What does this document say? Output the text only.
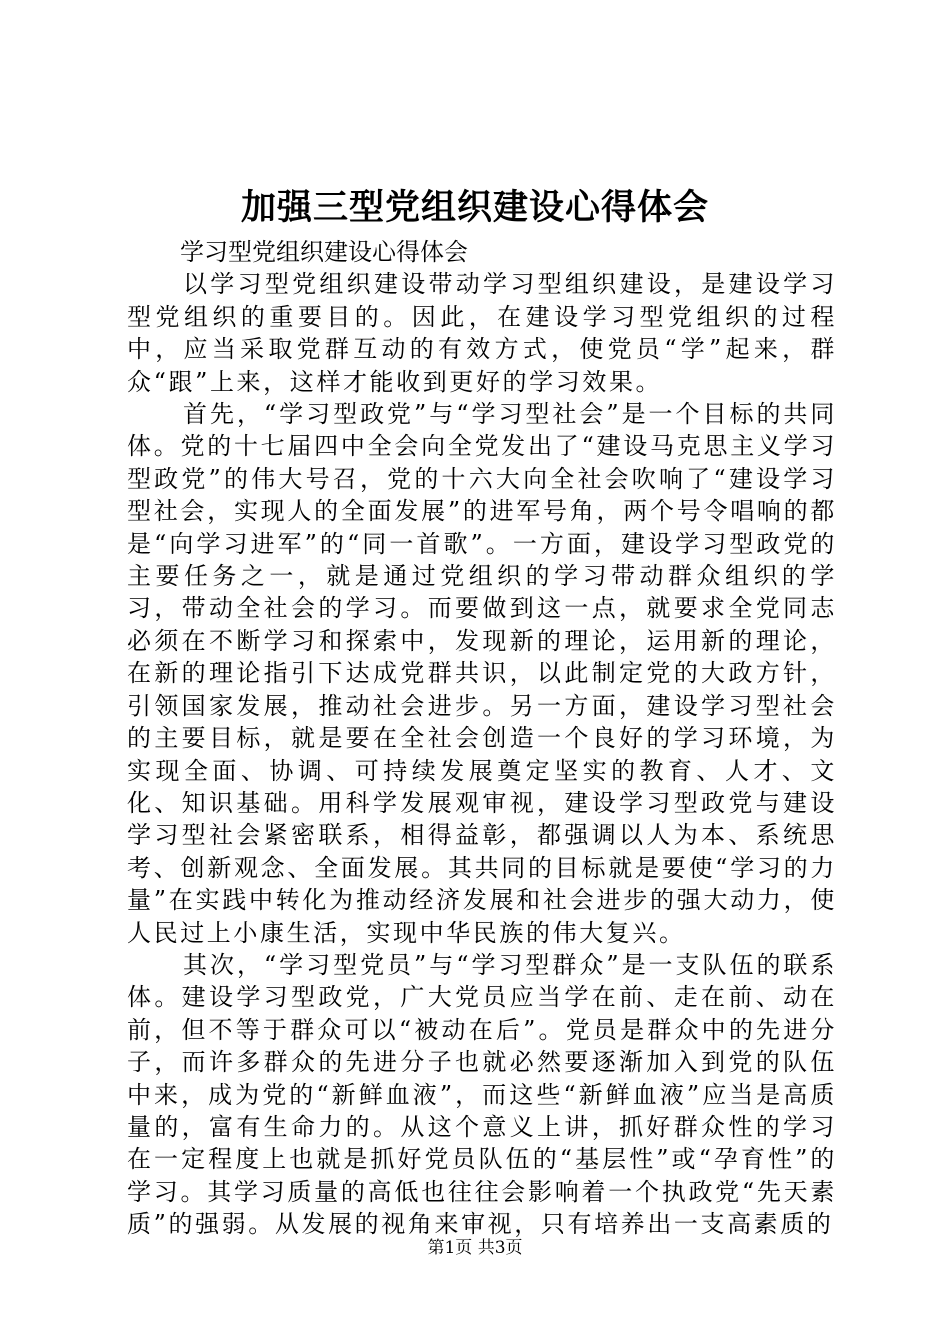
加强三型党组织建设心得体会

学习型党组织建设心得体会

以学习型党组织建设带动学习型组织建设，是建设学习型党组织的重要目的。因此，在建设学习型党组织的过程中，应当采取党群互动的有效方式，使党员“学”起来，群众“跟”上来，这样才能收到更好的学习效果。

首先，“学习型政党”与“学习型社会”是一个目标的共同体。党的十七届四中全会向全党发出了“建设马克思主义学习型政党”的伟大号召，党的十六大向全社会吹响了“建设学习型社会，实现人的全面发展”的进军号角，两个号令唱响的都是“向学习进军”的“同一首歌”。一方面，建设学习型政党的主要任务之一，就是通过党组织的学习带动群众组织的学习，带动全社会的学习。而要做到这一点，就要求全党同志必须在不断学习和探索中，发现新的理论，运用新的理论，在新的理论指引下达成党群共识，以此制定党的大政方针，引领国家发展，推动社会进步。另一方面，建设学习型社会的主要目标，就是要在全社会创造一个良好的学习环境，为实现全面、协调、可持续发展奠定坚实的教育、人才、文化、知识基础。用科学发展观审视，建设学习型政党与建设学习型社会紧密联系，相得益彰，都强调以人为本、系统思考、创新观念、全面发展。其共同的目标就是要使“学习的力量”在实践中转化为推动经济发展和社会进步的强大动力，使人民过上小康生活，实现中华民族的伟大复兴。

其次，“学习型党员”与“学习型群众”是一支队伍的联系体。建设学习型政党，广大党员应当学在前、走在前、动在前，但不等于群众可以“被动在后”。党员是群众中的先进分子，而许多群众的先进分子也就必然要逐渐加入到党的队伍中来，成为党的“新鲜血液”，而这些“新鲜血液”应当是高质量的，富有生命力的。从这个意义上讲，抓好群众性的学习在一定程度上也就是抓好党员队伍的“基层性”或“孕育性”的学习。其学习质量的高低也往往会影响着一个执政党“先天素质”的强弱。从发展的视角来审视，只有培养出一支高素质的

第1页 共3页
